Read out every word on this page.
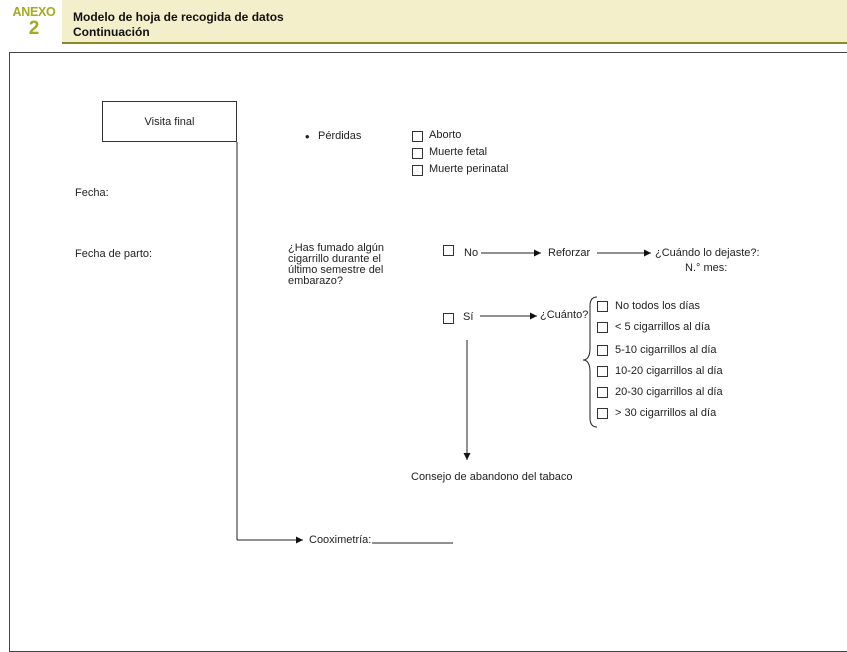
ANEXO
2
Modelo de hoja de recogida de datos
Continuación
Visita final
Fecha:
Fecha de parto:
• Pérdidas	Aborto
Muerte fetal
Muerte perinatal
¿Has fumado algún
cigarrillo durante el
último semestre del
embarazo?
No	Reforzar	¿Cuándo lo dejaste?:
N.° mes:
Sí	¿Cuánto?
No todos los días
< 5 cigarrillos al día
5-10 cigarrillos al día
10-20 cigarrillos al día
20-30 cigarrillos al día
> 30 cigarrillos al día
Consejo de abandono del tabaco
Cooximetría:
